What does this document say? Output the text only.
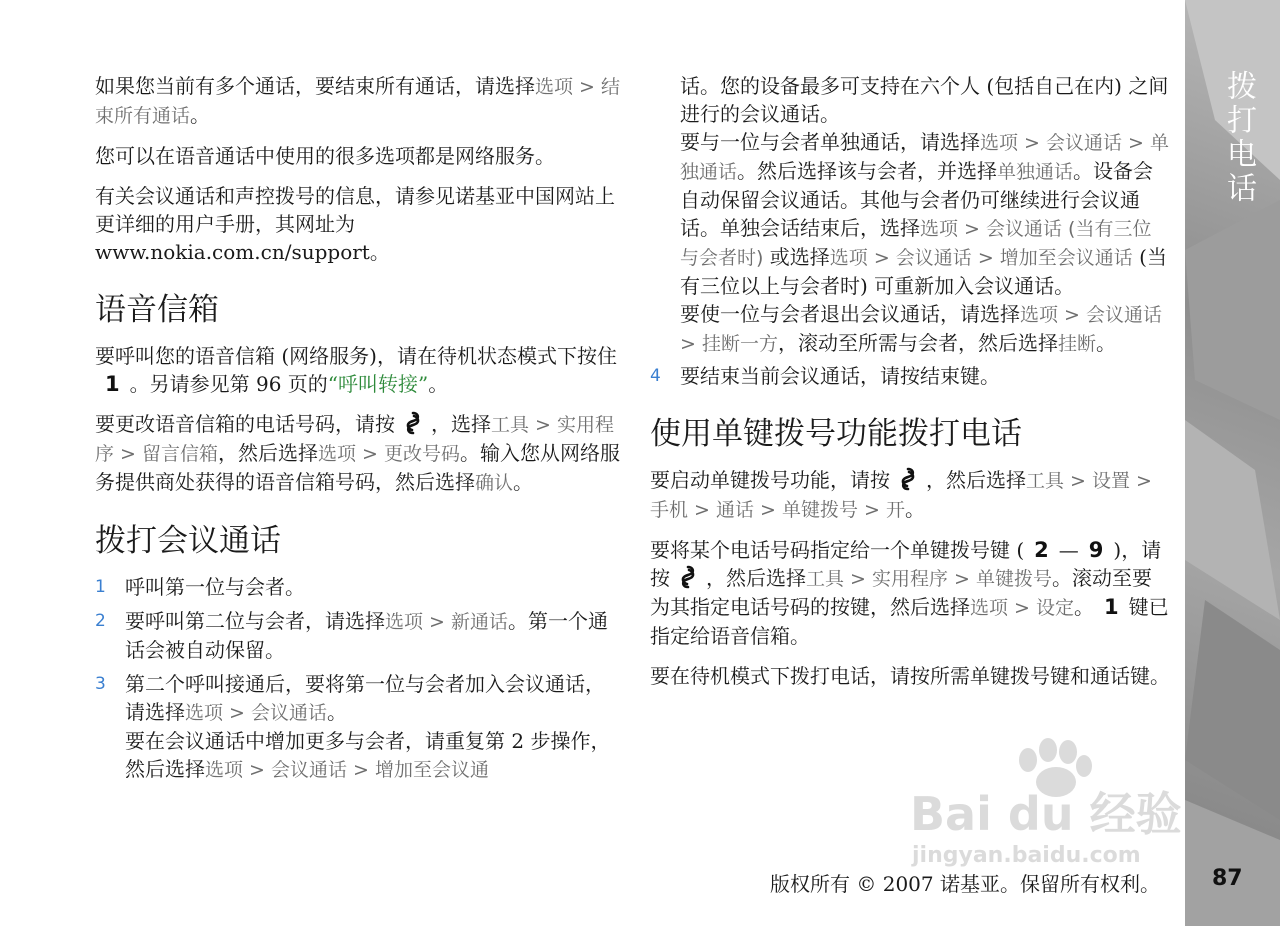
拨打电话

如果您当前有多个通话，要结束所有通话，请选择选项 > 结束所有通话。

您可以在语音通话中使用的很多选项都是网络服务。

有关会议通话和声控拨号的信息，请参见诺基亚中国网站上更详细的用户手册，其网址为 www.nokia.com.cn/support。

语音信箱

要呼叫您的语音信箱 (网络服务)，请在待机状态模式下按住1 。另请参见第 96 页的“呼叫转接”。

要更改语音信箱的电话号码，请按 ，选择工具 > 实用程序 > 留言信箱，然后选择选项 > 更改号码。输入您从网络服务提供商处获得的语音信箱号码，然后选择确认。

拨打会议通话
1 呼叫第一位与会者。
2 要呼叫第二位与会者，请选择选项 > 新通话。第一个通话会被自动保留。
3 第二个呼叫接通后，要将第一位与会者加入会议通话，请选择选项 > 会议通话。
要在会议通话中增加更多与会者，请重复第 2 步操作，然后选择选项 > 会议通话 > 增加至会议通
话。您的设备最多可支持在六个人 (包括自己在内) 之间进行的会议通话。
要与一位与会者单独通话，请选择选项 > 会议通话 > 单独通话。然后选择该与会者，并选择单独通话。设备会自动保留会议通话。其他与会者仍可继续进行会议通话。单独会话结束后，选择选项 > 会议通话 (当有三位与会者时) 或选择选项 > 会议通话 > 增加至会议通话 (当有三位以上与会者时) 可重新加入会议通话。
要使一位与会者退出会议通话，请选择选项 > 会议通话 > 挂断一方，滚动至所需与会者，然后选择挂断。
4 要结束当前会议通话，请按结束键。
使用单键拨号功能拨打电话

要启动单键拨号功能，请按 ，然后选择工具 > 设置 > 手机 > 通话 > 单键拨号 > 开。

要将某个电话号码指定给一个单键拨号键 ( 2 — 9 )，请按 ，然后选择工具 > 实用程序 > 单键拨号。滚动至要为其指定电话号码的按键，然后选择选项 > 设定。 1 键已指定给语音信箱。

要在待机模式下拨打电话，请按所需单键拨号键和通话键。

Bai du 经验
jingyan.baidu.com
版权所有 © 2007 诺基亚。保留所有权利。 87
